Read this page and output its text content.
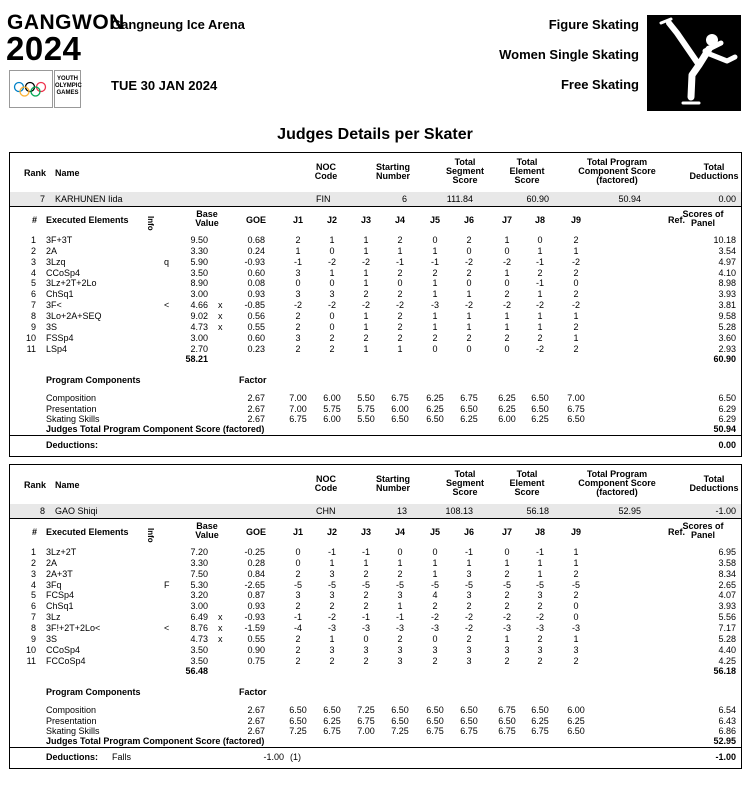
GANGWON
2024
YOUTH
OLYMPIC
GAMES
Gangneung Ice Arena
TUE 30 JAN 2024
Figure Skating
Women Single Skating
Free Skating
Judges Details per Skater
Rank Name
NOC
Code
Starting
Number
Total
Segment
Score
Total
Element
Score
Total Program
Component Score
(factored)
Total
Deductions
7 KARHUNEN Iida	FIN	6	111.84	60.90	50.94	0.00
# Executed Elements Info
Base
Value	GOE	J1	J2	J3	J4	J5	J6	J7	J8	J9	Ref.
Scores of
Panel
1 3F+3T	9.50	0.68	2	1	1	2	0	2	1	0	2	10.18
2 2A	3.30	0.24	1	0	1	1	1	0	0	1	1	3.54
3 3Lzq	q 5.90	-0.93	-1	-2	-2	-1	-1	-2	-2	-1	-2	4.97
4 CCoSp4	3.50	0.60	3	1	1	2	2	2	1	2	2	4.10
5 3Lz+2T+2Lo	8.90	0.08	0	0	1	0	1	0	0	-1	0	8.98
6 ChSq1	3.00	0.93	3	3	2	2	1	1	2	1	2	3.93
7 3F<	< 4.66 x -0.85	-2	-2	-2	-2	-3	-2	-2	-2	-2	3.81
8 3Lo+2A+SEQ	9.02 x	0.56	2	0	1	2	1	1	1	1	1	9.58
9 3S	4.73 x	0.55	2	0	1	2	1	1	1	1	2	5.28
10 FSSp4	3.00	0.60	3	2	2	2	2	2	2	2	1	3.60
11 LSp4	2.70	0.23	2	2	1	1	0	0	0	-2	2	2.93
58.21	60.90
Program Components	Factor
Composition	2.67	7.00	6.00	5.50	6.75	6.25	6.75	6.25	6.50	7.00	6.50
Presentation	2.67	7.00	5.75	5.75	6.00	6.25	6.50	6.25	6.50	6.75	6.29
Skating Skills	2.67	6.75	6.00	5.50	6.50	6.50	6.25	6.00	6.25	6.50	6.29
Judges Total Program Component Score (factored)	50.94
Deductions:	0.00
Rank Name
NOC
Code
Starting
Number
Total
Segment
Score
Total
Element
Score
Total Program
Component Score
(factored)
Total
Deductions
8 GAO Shiqi	CHN	13	108.13	56.18	52.95	-1.00
# Executed Elements Info
Base
Value	GOE	J1	J2	J3	J4	J5	J6	J7	J8	J9	Ref.
Scores of
Panel
1 3Lz+2T	7.20	-0.25	0	-1	-1	0	0	-1	0	-1	1	6.95
2 2A	3.30	0.28	0	1	1	1	1	1	1	1	1	3.58
3 2A+3T	7.50	0.84	2	3	2	2	1	3	2	1	2	8.34
4 3Fq	F 5.30	-2.65	-5	-5	-5	-5	-5	-5	-5	-5	-5	2.65
5 FCSp4	3.20	0.87	3	3	2	3	4	3	2	3	2	4.07
6 ChSq1	3.00	0.93	2	2	2	1	2	2	2	2	0	3.93
7 3Lz	6.49 x -0.93	-1	-2	-1	-1	-2	-2	-2	-2	0	5.56
8 3F!+2T+2Lo<	< 8.76 x -1.59	-4	-3	-3	-3	-3	-2	-3	-3	-3	7.17
9 3S	4.73 x	0.55	2	1	0	2	0	2	1	2	1	5.28
10 CCoSp4	3.50	0.90	2	3	3	3	3	3	3	3	3	4.40
11 FCCoSp4	3.50	0.75	2	2	2	3	2	3	2	2	2	4.25
56.48	56.18
Program Components	Factor
Composition	2.67	6.50	6.50	7.25	6.50	6.50	6.50	6.75	6.50	6.00	6.54
Presentation	2.67	6.50	6.25	6.75	6.50	6.50	6.50	6.50	6.25	6.25	6.43
Skating Skills	2.67	7.25	6.75	7.00	7.25	6.75	6.75	6.75	6.75	6.50	6.86
Judges Total Program Component Score (factored)	52.95
Deductions: Falls	-1.00 (1)	-1.00
